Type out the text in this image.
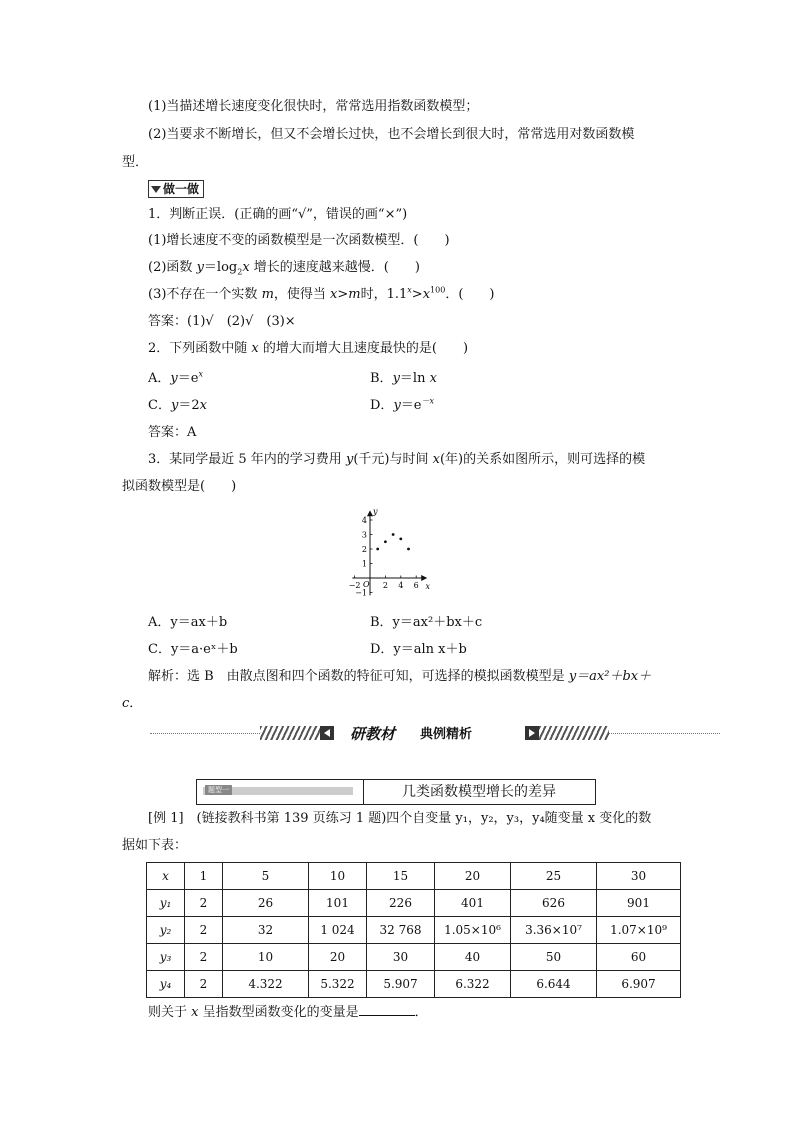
(1)当描述增长速度变化很快时，常常选用指数函数模型；
(2)当要求不断增长，但又不会增长过快，也不会增长到很大时，常常选用对数函数模
型．
做一做
1．判断正误．(正确的画“√”，错误的画“×”)
(1)增长速度不变的函数模型是一次函数模型．(　　)
(2)函数 $y=\log_2x$ 增长的速度越来越慢．(　　)
(3)不存在一个实数 m，使得当 x>m时，$1.1^x>x^{100}$．(　　)
答案：(1)√　(2)√　(3)×
2．下列函数中随 x 的增大而增大且速度最快的是(　　)
A．$y=e^x$	B．y＝ln x
C．y＝2x	D．$y=e^{-x}$
答案：A
3．某同学最近 5 年内的学习费用 y(千元)与时间 x(年)的关系如图所示，则可选择的模
拟函数模型是(　　)
x
y
O
−2	2 4 6
−1
1
2
3
4
A．y＝ax＋b	B．y＝ax²＋bx＋c
C．y＝a·eˣ＋b	D．y＝aln x＋b
解析：选 B　由散点图和四个函数的特征可知，可选择的模拟函数模型是 y＝ax²＋bx＋
c．
研教材 典例精析
题型一	几类函数模型增长的差异
[例 1]　(链接教科书第 139 页练习 1 题)四个自变量 y₁，y₂，y₃，y₄随变量 x 变化的数
据如下表：
x	1	5	10	15	20	25	30
y₁	2	26	101	226	401	626	901
y₂	2	32	1 024	32 768	1.05×10⁶	3.36×10⁷	1.07×10⁹
y₃	2	10	20	30	40	50	60
y₄	2	4.322	5.322	5.907	6.322	6.644	6.907
则关于 x 呈指数型函数变化的变量是	．
